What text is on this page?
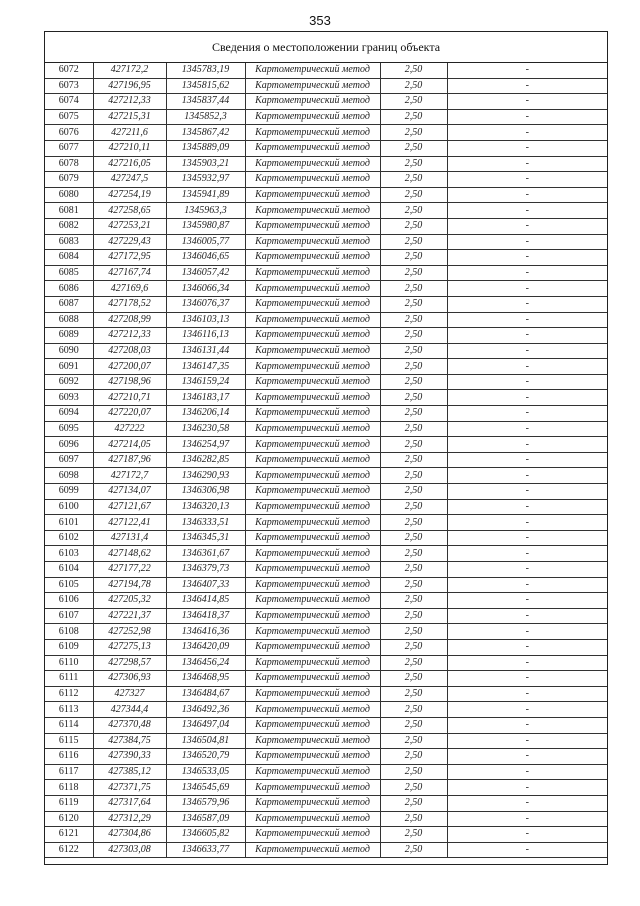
353
Сведения о местоположении границ объекта
6072	427172,2	1345783,19	Картометрический метод	2,50	-
6073	427196,95	1345815,62	Картометрический метод	2,50	-
6074	427212,33	1345837,44	Картометрический метод	2,50	-
6075	427215,31	1345852,3	Картометрический метод	2,50	-
6076	427211,6	1345867,42	Картометрический метод	2,50	-
6077	427210,11	1345889,09	Картометрический метод	2,50	-
6078	427216,05	1345903,21	Картометрический метод	2,50	-
6079	427247,5	1345932,97	Картометрический метод	2,50	-
6080	427254,19	1345941,89	Картометрический метод	2,50	-
6081	427258,65	1345963,3	Картометрический метод	2,50	-
6082	427253,21	1345980,87	Картометрический метод	2,50	-
6083	427229,43	1346005,77	Картометрический метод	2,50	-
6084	427172,95	1346046,65	Картометрический метод	2,50	-
6085	427167,74	1346057,42	Картометрический метод	2,50	-
6086	427169,6	1346066,34	Картометрический метод	2,50	-
6087	427178,52	1346076,37	Картометрический метод	2,50	-
6088	427208,99	1346103,13	Картометрический метод	2,50	-
6089	427212,33	1346116,13	Картометрический метод	2,50	-
6090	427208,03	1346131,44	Картометрический метод	2,50	-
6091	427200,07	1346147,35	Картометрический метод	2,50	-
6092	427198,96	1346159,24	Картометрический метод	2,50	-
6093	427210,71	1346183,17	Картометрический метод	2,50	-
6094	427220,07	1346206,14	Картометрический метод	2,50	-
6095	427222	1346230,58	Картометрический метод	2,50	-
6096	427214,05	1346254,97	Картометрический метод	2,50	-
6097	427187,96	1346282,85	Картометрический метод	2,50	-
6098	427172,7	1346290,93	Картометрический метод	2,50	-
6099	427134,07	1346306,98	Картометрический метод	2,50	-
6100	427121,67	1346320,13	Картометрический метод	2,50	-
6101	427122,41	1346333,51	Картометрический метод	2,50	-
6102	427131,4	1346345,31	Картометрический метод	2,50	-
6103	427148,62	1346361,67	Картометрический метод	2,50	-
6104	427177,22	1346379,73	Картометрический метод	2,50	-
6105	427194,78	1346407,33	Картометрический метод	2,50	-
6106	427205,32	1346414,85	Картометрический метод	2,50	-
6107	427221,37	1346418,37	Картометрический метод	2,50	-
6108	427252,98	1346416,36	Картометрический метод	2,50	-
6109	427275,13	1346420,09	Картометрический метод	2,50	-
6110	427298,57	1346456,24	Картометрический метод	2,50	-
6111	427306,93	1346468,95	Картометрический метод	2,50	-
6112	427327	1346484,67	Картометрический метод	2,50	-
6113	427344,4	1346492,36	Картометрический метод	2,50	-
6114	427370,48	1346497,04	Картометрический метод	2,50	-
6115	427384,75	1346504,81	Картометрический метод	2,50	-
6116	427390,33	1346520,79	Картометрический метод	2,50	-
6117	427385,12	1346533,05	Картометрический метод	2,50	-
6118	427371,75	1346545,69	Картометрический метод	2,50	-
6119	427317,64	1346579,96	Картометрический метод	2,50	-
6120	427312,29	1346587,09	Картометрический метод	2,50	-
6121	427304,86	1346605,82	Картометрический метод	2,50	-
6122	427303,08	1346633,77	Картометрический метод	2,50	-
